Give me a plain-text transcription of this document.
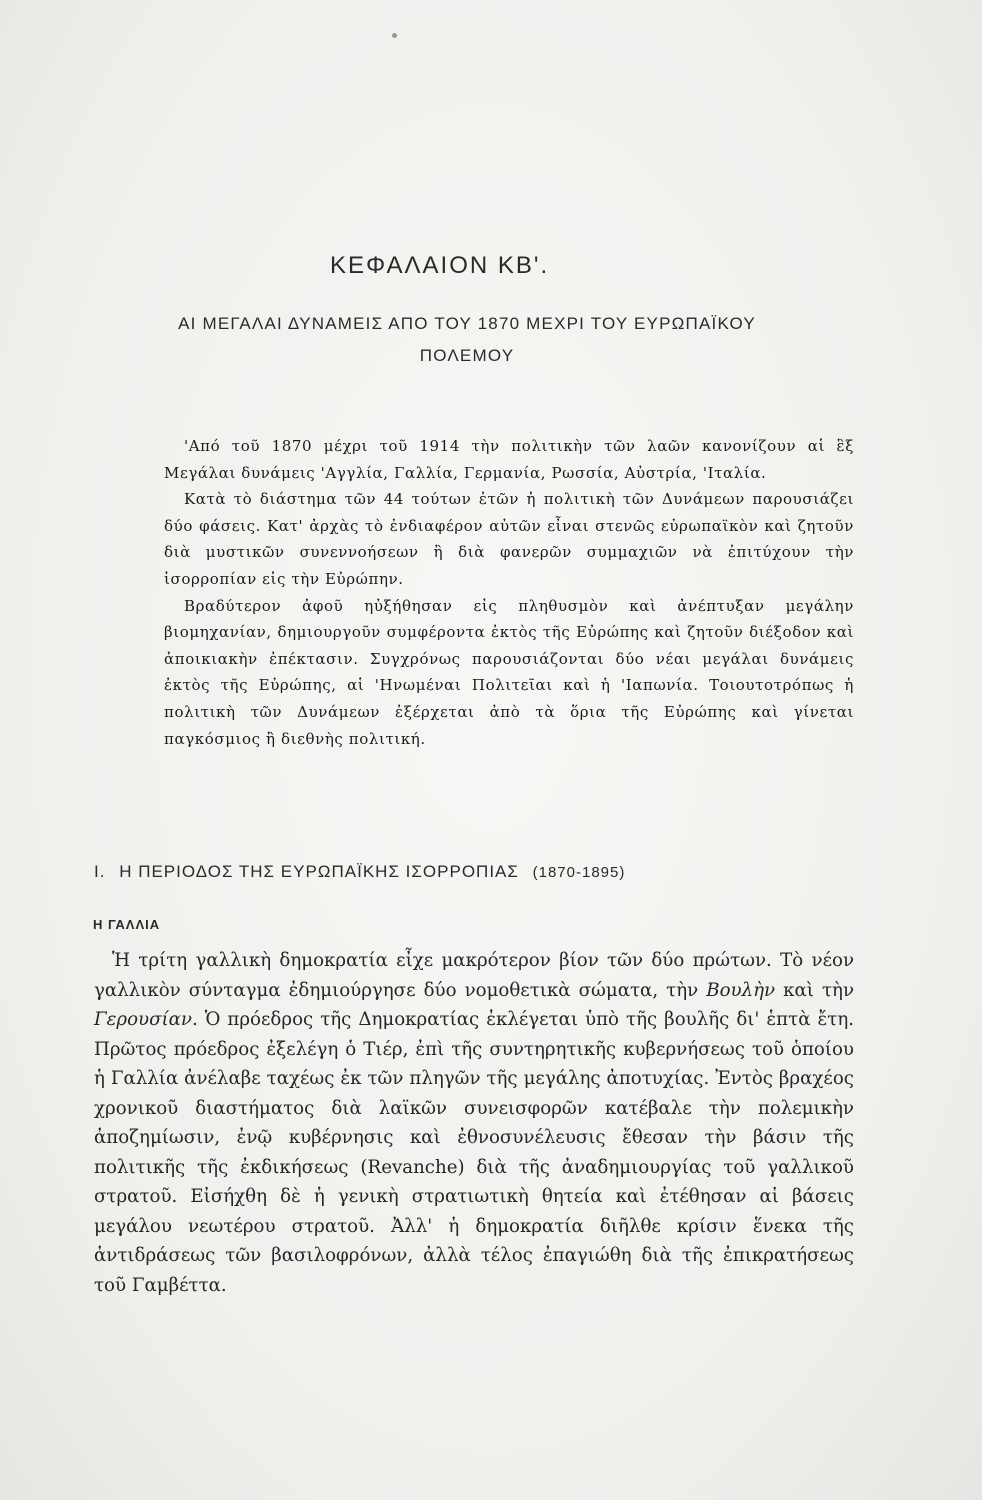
ΚΕΦΑΛΑΙΟΝ ΚΒ'.
ΑΙ ΜΕΓΑΛΑΙ ΔΥΝΑΜΕΙΣ ΑΠΟ ΤΟΥ 1870 ΜΕΧΡΙ ΤΟΥ ΕΥΡΩΠΑΪΚΟΥ ΠΟΛΕΜΟΥ

'Από τοῦ 1870 μέχρι τοῦ 1914 τὴν πολιτικὴν τῶν λαῶν κανονίζουν αἱ ἓξ Μεγάλαι δυνάμεις 'Αγγλία, Γαλλία, Γερμανία, Ρωσσία, Αὐστρία, 'Ιταλία.

Κατὰ τὸ διάστημα τῶν 44 τούτων ἐτῶν ἡ πολιτικὴ τῶν Δυνάμεων παρουσιάζει δύο φάσεις. Κατ' ἀρχὰς τὸ ἐνδιαφέρον αὐτῶν εἶναι στενῶς εὐρωπαϊκὸν καὶ ζητοῦν διὰ μυστικῶν συνεννοήσεων ἢ διὰ φανερῶν συμμαχιῶν νὰ ἐπιτύχουν τὴν ἰσορροπίαν εἰς τὴν Εὐρώπην.

Βραδύτερον ἀφοῦ ηὐξήθησαν εἰς πληθυσμὸν καὶ ἀνέπτυξαν μεγάλην βιομηχανίαν, δημιουργοῦν συμφέροντα ἐκτὸς τῆς Εὐρώπης καὶ ζητοῦν διέξοδον καὶ ἀποικιακὴν ἐπέκτασιν. Συγχρόνως παρουσιάζονται δύο νέαι μεγάλαι δυνάμεις ἐκτὸς τῆς Εὐρώπης, αἱ 'Ηνωμέναι Πολιτεῖαι καὶ ἡ 'Ιαπωνία. Τοιουτοτρόπως ἡ πολιτικὴ τῶν Δυνάμεων ἐξέρχεται ἀπὸ τὰ ὅρια τῆς Εὐρώπης καὶ γίνεται παγκόσμιος ἢ διεθνὴς πολιτική.

I. Η ΠΕΡΙΟΔΟΣ ΤΗΣ ΕΥΡΩΠΑΪΚΗΣ ΙΣΟΡΡΟΠΙΑΣ (1870-1895)
Η ΓΑΛΛΙΑ

Ἡ τρίτη γαλλικὴ δημοκρατία εἶχε μακρότερον βίον τῶν δύο πρώτων. Τὸ νέον γαλλικὸν σύνταγμα ἐδημιούργησε δύο νομοθετικὰ σώματα, τὴν Βουλὴν καὶ τὴν Γερουσίαν. Ὁ πρόεδρος τῆς Δημοκρατίας ἐκλέγεται ὑπὸ τῆς βουλῆς δι' ἑπτὰ ἔτη. Πρῶτος πρόεδρος ἐξελέγη ὁ Τιέρ, ἐπὶ τῆς συντηρητικῆς κυβερνήσεως τοῦ ὁποίου ἡ Γαλλία ἀνέλαβε ταχέως ἐκ τῶν πληγῶν τῆς μεγάλης ἀποτυχίας. Ἐντὸς βραχέος χρονικοῦ διαστήματος διὰ λαϊκῶν συνεισφορῶν κατέβαλε τὴν πολεμικὴν ἀποζημίωσιν, ἐνῷ κυβέρνησις καὶ ἐθνοσυνέλευσις ἔθεσαν τὴν βάσιν τῆς πολιτικῆς τῆς ἐκδικήσεως (Revanche) διὰ τῆς ἀναδημιουργίας τοῦ γαλλικοῦ στρατοῦ. Εἰσήχθη δὲ ἡ γενικὴ στρατιωτικὴ θητεία καὶ ἐτέθησαν αἱ βάσεις μεγάλου νεωτέρου στρατοῦ. Ἀλλ' ἡ δημοκρατία διῆλθε κρίσιν ἕνεκα τῆς ἀντιδράσεως τῶν βασιλοφρόνων, ἀλλὰ τέλος ἐπαγιώθη διὰ τῆς ἐπικρατήσεως τοῦ Γαμβέττα.
